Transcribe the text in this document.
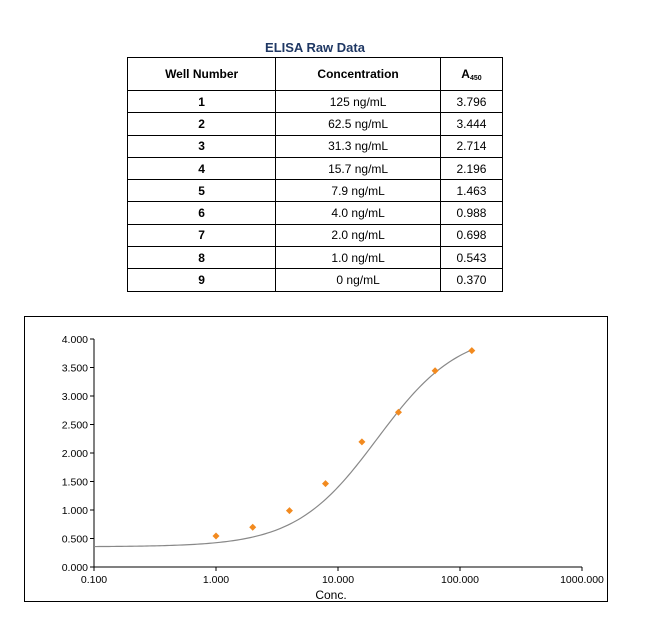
ELISA Raw Data
Well Number	Concentration	$A_{450}$
1	125 ng/mL	3.796
2	62.5 ng/mL	3.444
3	31.3 ng/mL	2.714
4	15.7 ng/mL	2.196
5	7.9 ng/mL	1.463
6	4.0 ng/mL	0.988
7	2.0 ng/mL	0.698
8	1.0 ng/mL	0.543
9	0 ng/mL	0.370
0.000
0.500
1.000
1.500
2.000
2.500
3.000
3.500
4.000
0.100	1.000	10.000	100.000	1000.000
Conc.
